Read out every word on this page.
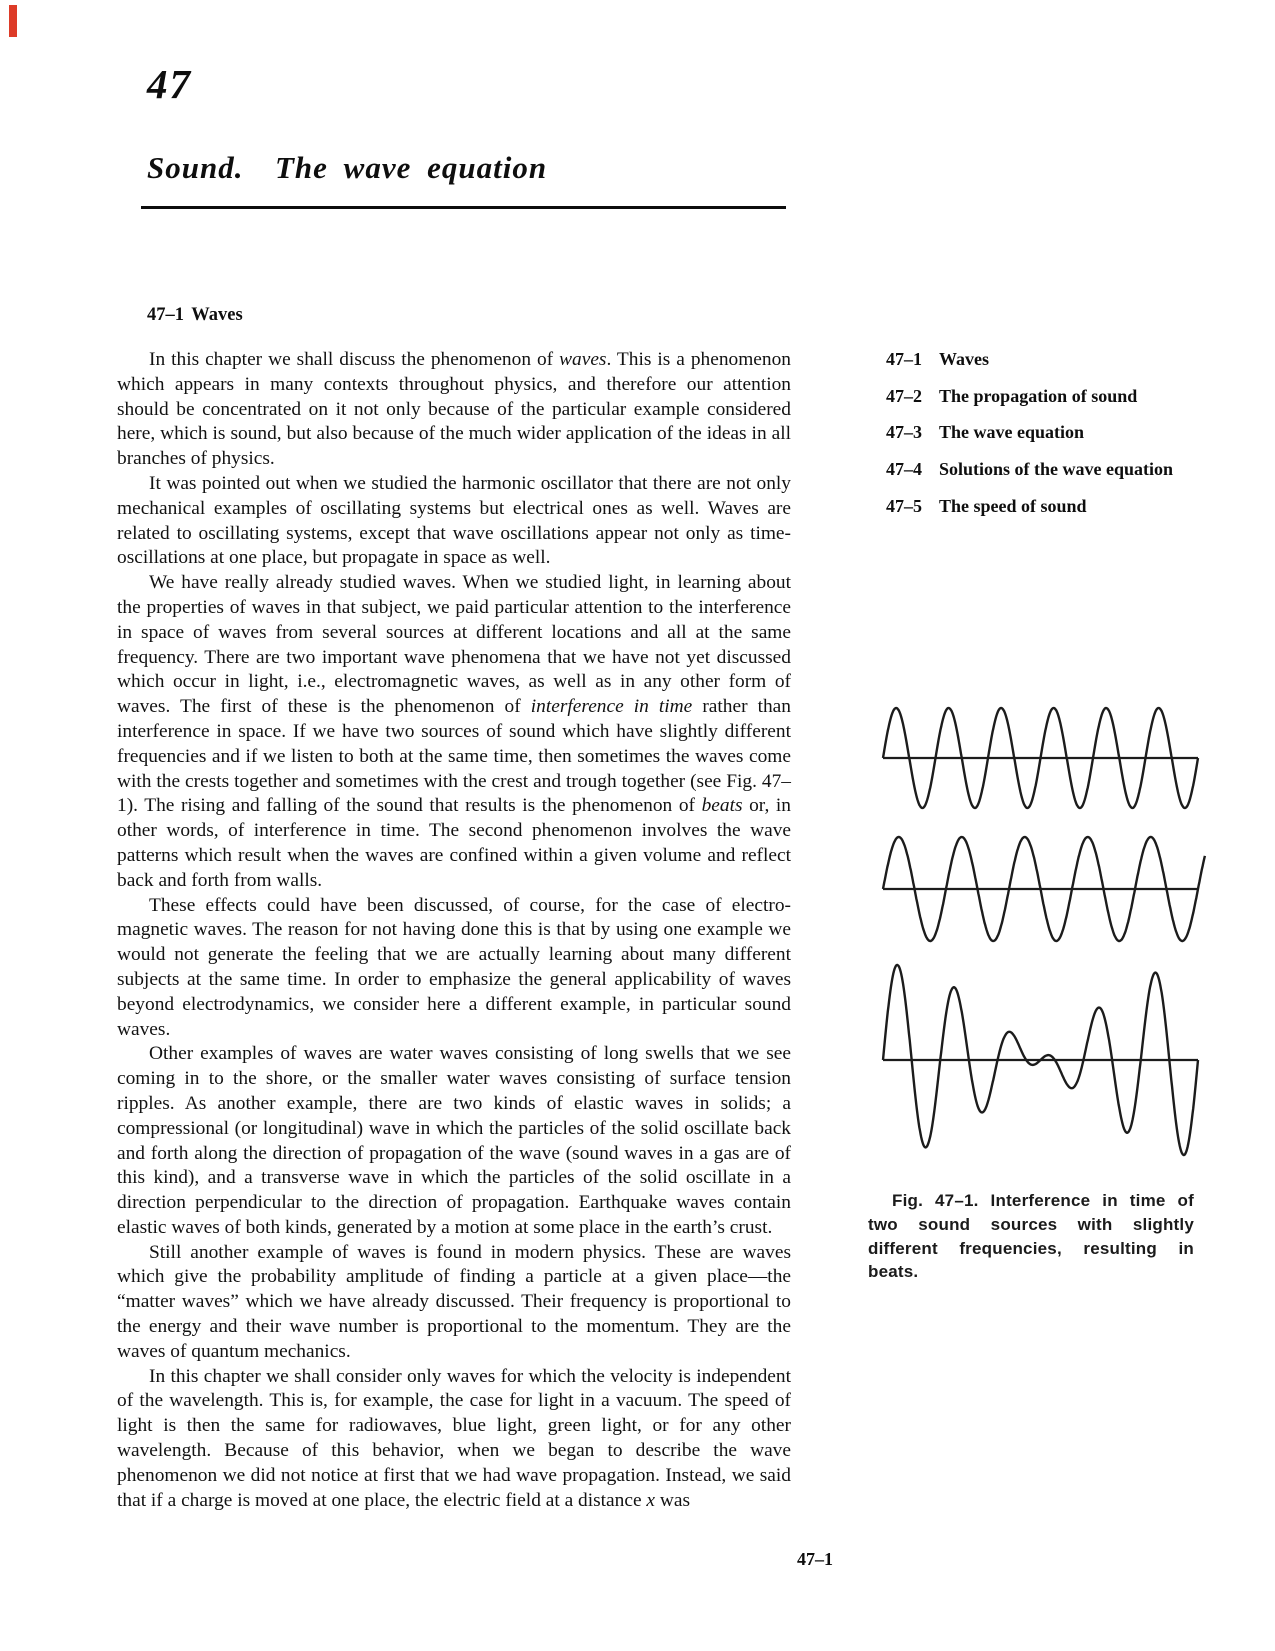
47
Sound.  The wave equation
47–1 Waves

In this chapter we shall discuss the phenomenon of waves. This is a phenomenon which appears in many contexts throughout physics, and therefore our attention should be concentrated on it not only because of the particular example considered here, which is sound, but also because of the much wider application of the ideas in all branches of physics.

It was pointed out when we studied the harmonic oscillator that there are not only mechanical examples of oscillating systems but electrical ones as well. Waves are related to oscillating systems, except that wave oscillations appear not only as time-oscillations at one place, but propagate in space as well.

We have really already studied waves. When we studied light, in learning about the properties of waves in that subject, we paid particular attention to the interference in space of waves from several sources at different locations and all at the same frequency. There are two important wave phenomena that we have not yet discussed which occur in light, i.e., electromagnetic waves, as well as in any other form of waves. The first of these is the phenomenon of interference in time rather than interference in space. If we have two sources of sound which have slightly different frequencies and if we listen to both at the same time, then sometimes the waves come with the crests together and sometimes with the crest and trough together (see Fig. 47–1). The rising and falling of the sound that results is the phenomenon of beats or, in other words, of interference in time. The second phenomenon involves the wave patterns which result when the waves are confined within a given volume and reflect back and forth from walls.

These effects could have been discussed, of course, for the case of electromagnetic waves. The reason for not having done this is that by using one example we would not generate the feeling that we are actually learning about many different subjects at the same time. In order to emphasize the general applicability of waves beyond electrodynamics, we consider here a different example, in particular sound waves.

Other examples of waves are water waves consisting of long swells that we see coming in to the shore, or the smaller water waves consisting of surface tension ripples. As another example, there are two kinds of elastic waves in solids; a compressional (or longitudinal) wave in which the particles of the solid oscillate back and forth along the direction of propagation of the wave (sound waves in a gas are of this kind), and a transverse wave in which the particles of the solid oscillate in a direction perpendicular to the direction of propagation. Earthquake waves contain elastic waves of both kinds, generated by a motion at some place in the earth’s crust.

Still another example of waves is found in modern physics. These are waves which give the probability amplitude of finding a particle at a given place—the “matter waves” which we have already discussed. Their frequency is proportional to the energy and their wave number is proportional to the momentum. They are the waves of quantum mechanics.

In this chapter we shall consider only waves for which the velocity is independent of the wavelength. This is, for example, the case for light in a vacuum. The speed of light is then the same for radiowaves, blue light, green light, or for any other wavelength. Because of this behavior, when we began to describe the wave phenomenon we did not notice at first that we had wave propagation. Instead, we said that if a charge is moved at one place, the electric field at a distance x was

47–1 Waves
47–2 The propagation of sound
47–3 The wave equation
47–4 Solutions of the wave equation
47–5 The speed of sound
Fig. 47–1. Interference in time of two sound sources with slightly different frequencies, resulting in beats.
47–1
